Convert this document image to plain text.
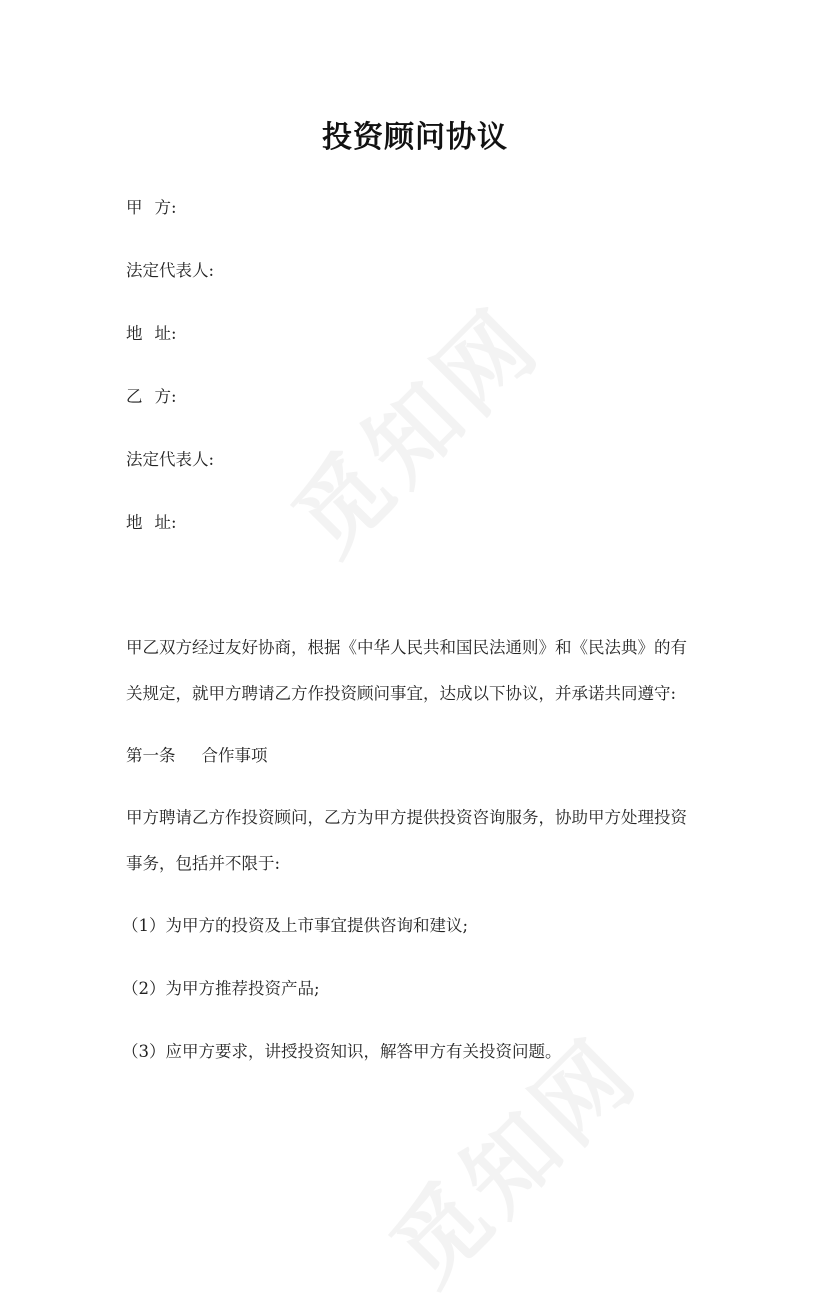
投资顾问协议
甲 方:
法定代表人:
地 址:
乙 方:
法定代表人:
地 址:
甲乙双方经过友好协商，根据《中华人民共和国民法通则》和《民法典》的有
关规定，就甲方聘请乙方作投资顾问事宜，达成以下协议，并承诺共同遵守:
第一条 合作事项
甲方聘请乙方作投资顾问，乙方为甲方提供投资咨询服务，协助甲方处理投资
事务，包括并不限于:
（1）为甲方的投资及上市事宜提供咨询和建议;
（2）为甲方推荐投资产品;
（3）应甲方要求，讲授投资知识，解答甲方有关投资问题。
